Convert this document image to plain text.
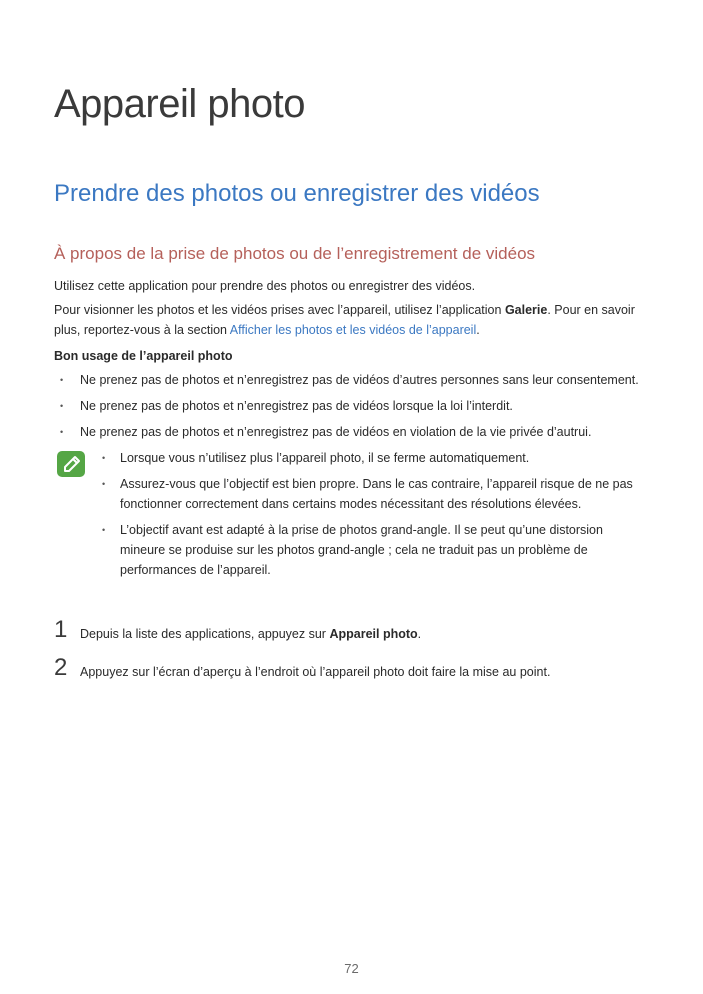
Appareil photo
Prendre des photos ou enregistrer des vidéos
À propos de la prise de photos ou de l’enregistrement de vidéos

Utilisez cette application pour prendre des photos ou enregistrer des vidéos.

Pour visionner les photos et les vidéos prises avec l’appareil, utilisez l’application Galerie. Pour en savoir plus, reportez-vous à la section Afficher les photos et les vidéos de l’appareil.

Bon usage de l’appareil photo

• Ne prenez pas de photos et n’enregistrez pas de vidéos d’autres personnes sans leur consentement.
• Ne prenez pas de photos et n’enregistrez pas de vidéos lorsque la loi l’interdit.
• Ne prenez pas de photos et n’enregistrez pas de vidéos en violation de la vie privée d’autrui.
• Lorsque vous n’utilisez plus l’appareil photo, il se ferme automatiquement.
• Assurez-vous que l’objectif est bien propre. Dans le cas contraire, l’appareil risque de ne pas fonctionner correctement dans certains modes nécessitant des résolutions élevées.
• L’objectif avant est adapté à la prise de photos grand-angle. Il se peut qu’une distorsion mineure se produise sur les photos grand-angle ; cela ne traduit pas un problème de performances de l’appareil.
1 Depuis la liste des applications, appuyez sur Appareil photo.
2 Appuyez sur l’écran d’aperçu à l’endroit où l’appareil photo doit faire la mise au point.
72
